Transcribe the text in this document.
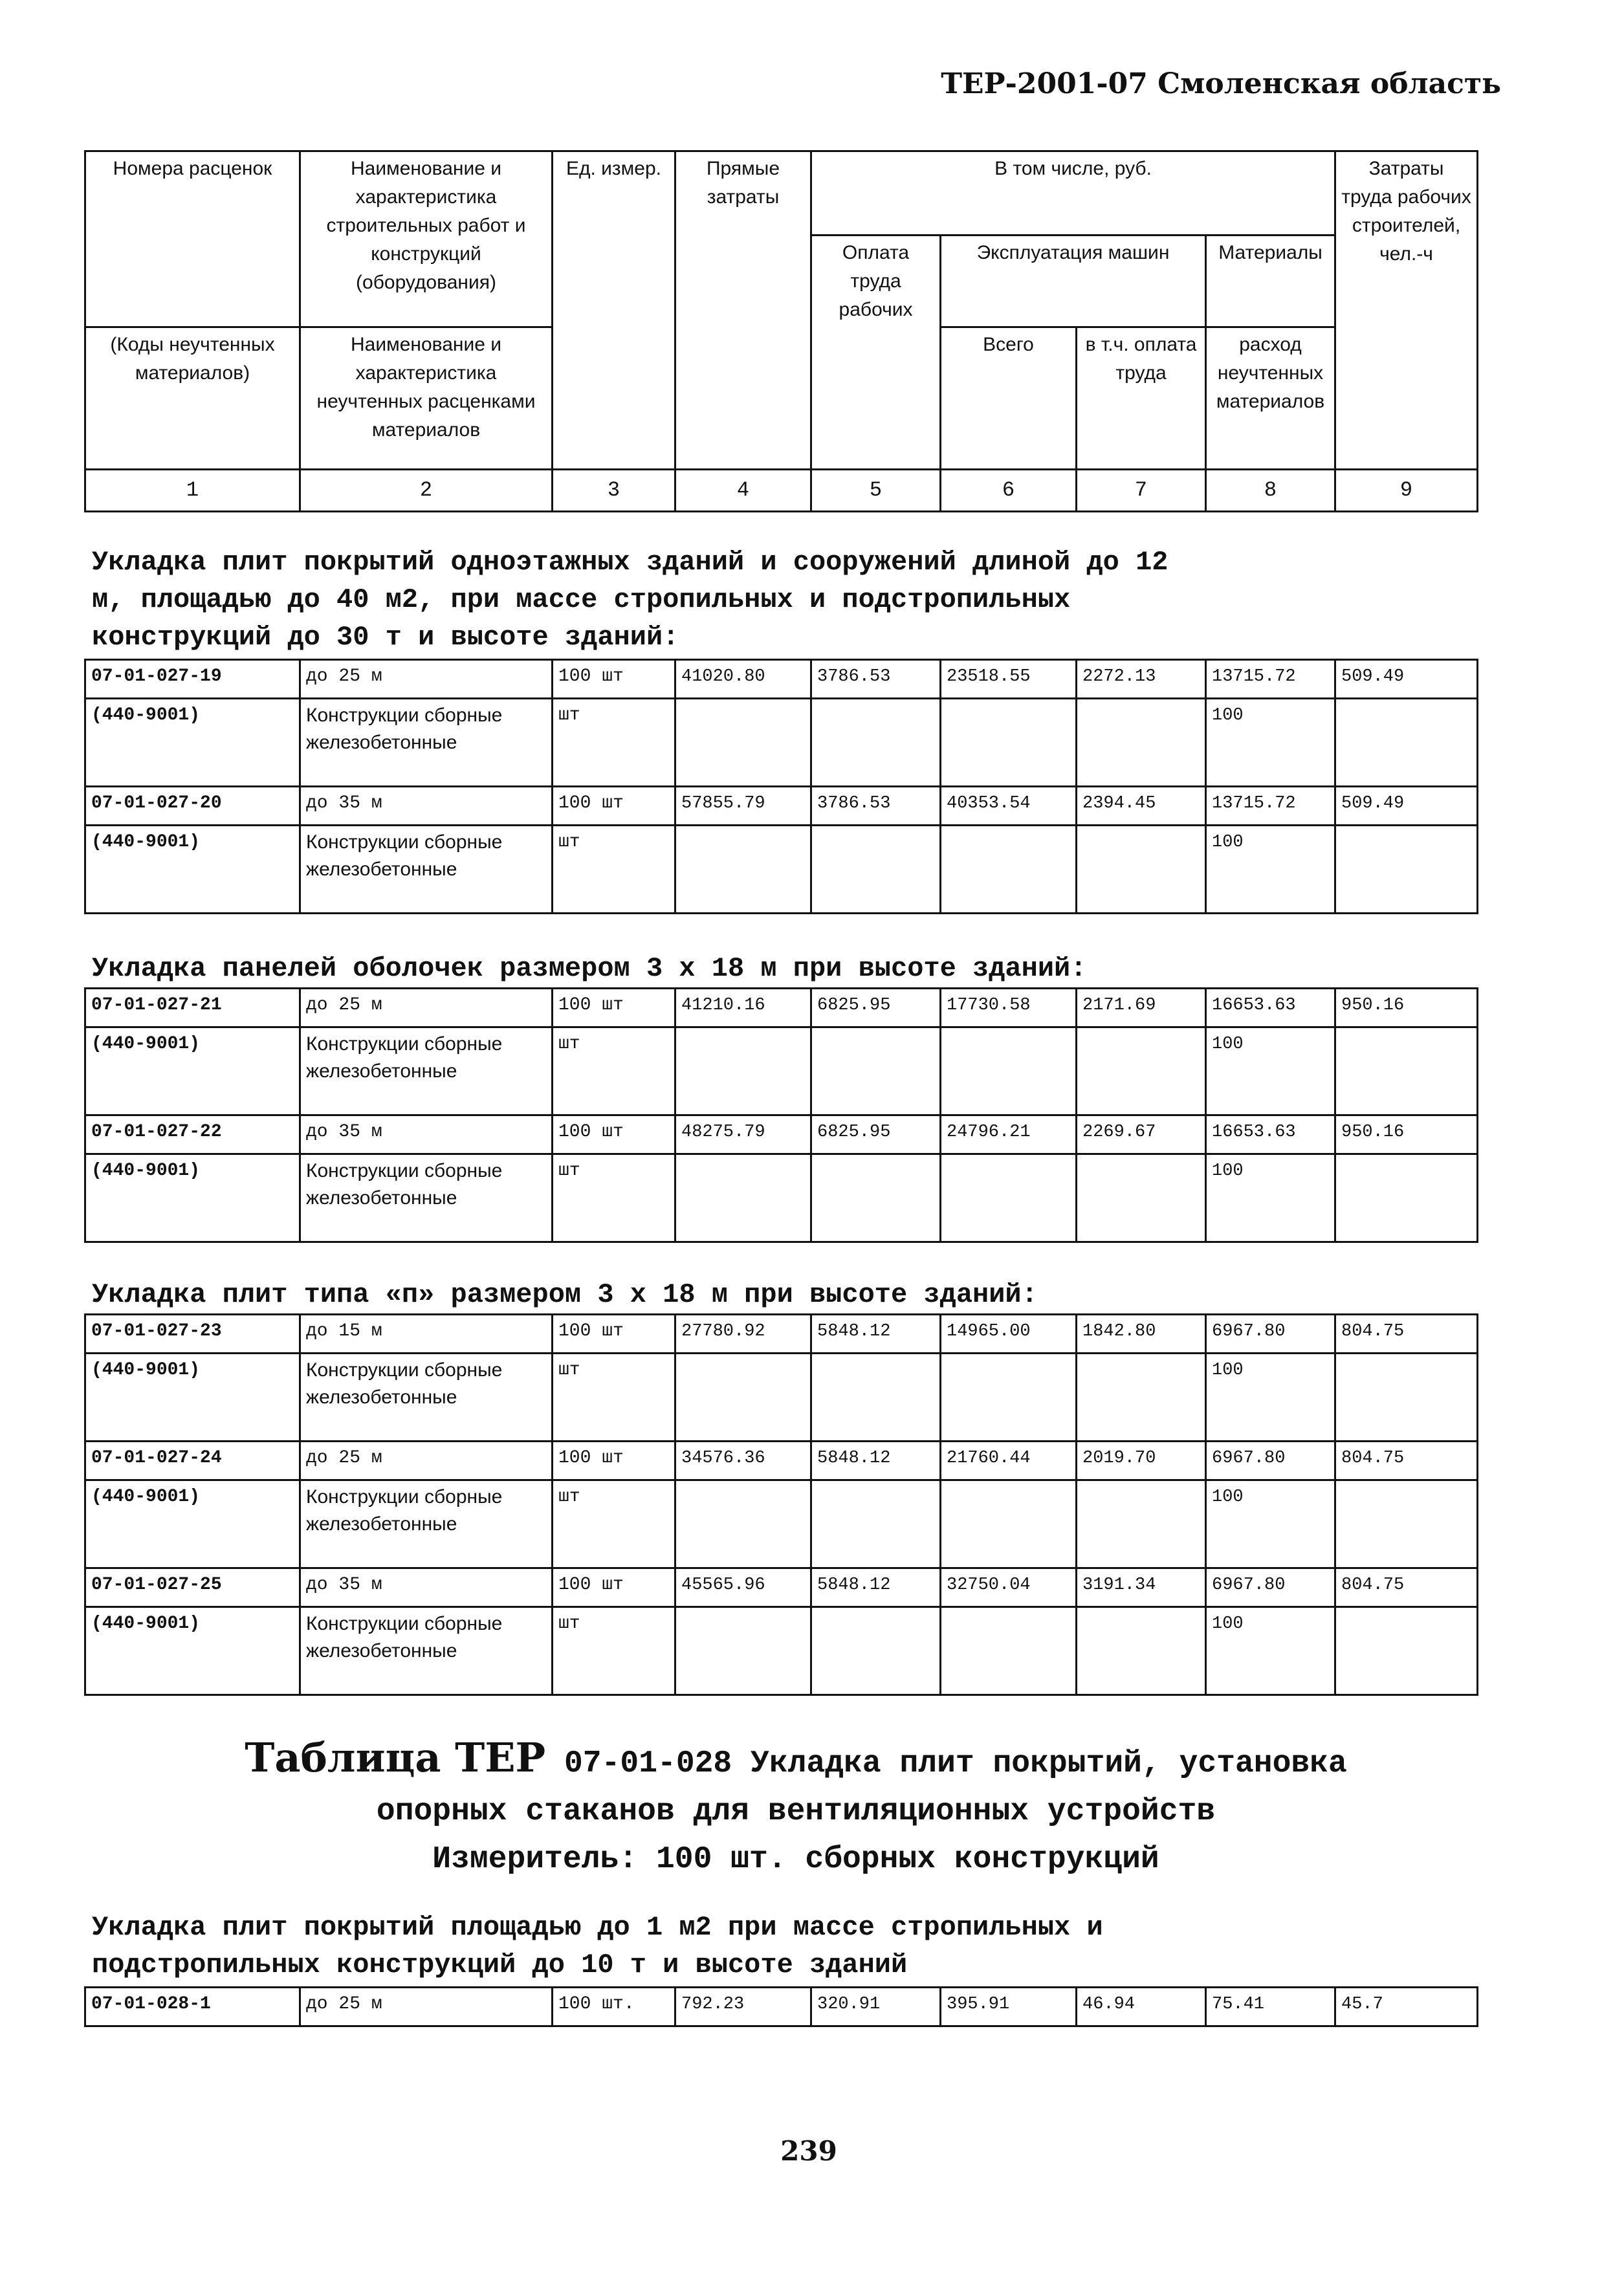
ТЕР-2001-07 Смоленская область
Номера расценок	Наименование и характеристика строительных работ и конструкций (оборудования)	Ед. измер.	Прямые затраты	В том числе, руб.				Затраты труда рабочих строителей, чел.-ч
				Оплата труда рабочих	Эксплуатация машин		Материалы	
(Коды неучтенных материалов)	Наименование и характеристика неучтенных расценками материалов				Всего	в т.ч. оплата труда	расход неучтенных материалов	
1	2	3	4	5	6	7	8	9
Укладка плит покрытий одноэтажных зданий и сооружений длиной до 12
м, площадью до 40 м2, при массе стропильных и подстропильных
конструкций до 30 т и высоте зданий:
07-01-027-19	до 25 м	100 шт	41020.80	3786.53	23518.55	2272.13	13715.72	509.49
(440-9001)	Конструкции сборные железобетонные	шт					100	
07-01-027-20	до 35 м	100 шт	57855.79	3786.53	40353.54	2394.45	13715.72	509.49
(440-9001)	Конструкции сборные железобетонные	шт					100	
Укладка панелей оболочек размером 3 х 18 м при высоте зданий:
07-01-027-21	до 25 м	100 шт	41210.16	6825.95	17730.58	2171.69	16653.63	950.16
(440-9001)	Конструкции сборные железобетонные	шт					100	
07-01-027-22	до 35 м	100 шт	48275.79	6825.95	24796.21	2269.67	16653.63	950.16
(440-9001)	Конструкции сборные железобетонные	шт					100	
Укладка плит типа «п» размером 3 х 18 м при высоте зданий:
07-01-027-23	до 15 м	100 шт	27780.92	5848.12	14965.00	1842.80	6967.80	804.75
(440-9001)	Конструкции сборные железобетонные	шт					100	
07-01-027-24	до 25 м	100 шт	34576.36	5848.12	21760.44	2019.70	6967.80	804.75
(440-9001)	Конструкции сборные железобетонные	шт					100	
07-01-027-25	до 35 м	100 шт	45565.96	5848.12	32750.04	3191.34	6967.80	804.75
(440-9001)	Конструкции сборные железобетонные	шт					100	
Таблица ТЕР 07-01-028 Укладка плит покрытий, установка
опорных стаканов для вентиляционных устройств
Измеритель: 100 шт. сборных конструкций
Укладка плит покрытий площадью до 1 м2 при массе стропильных и
подстропильных конструкций до 10 т и высоте зданий
07-01-028-1	до 25 м	100 шт.	792.23	320.91	395.91	46.94	75.41	45.7
239
